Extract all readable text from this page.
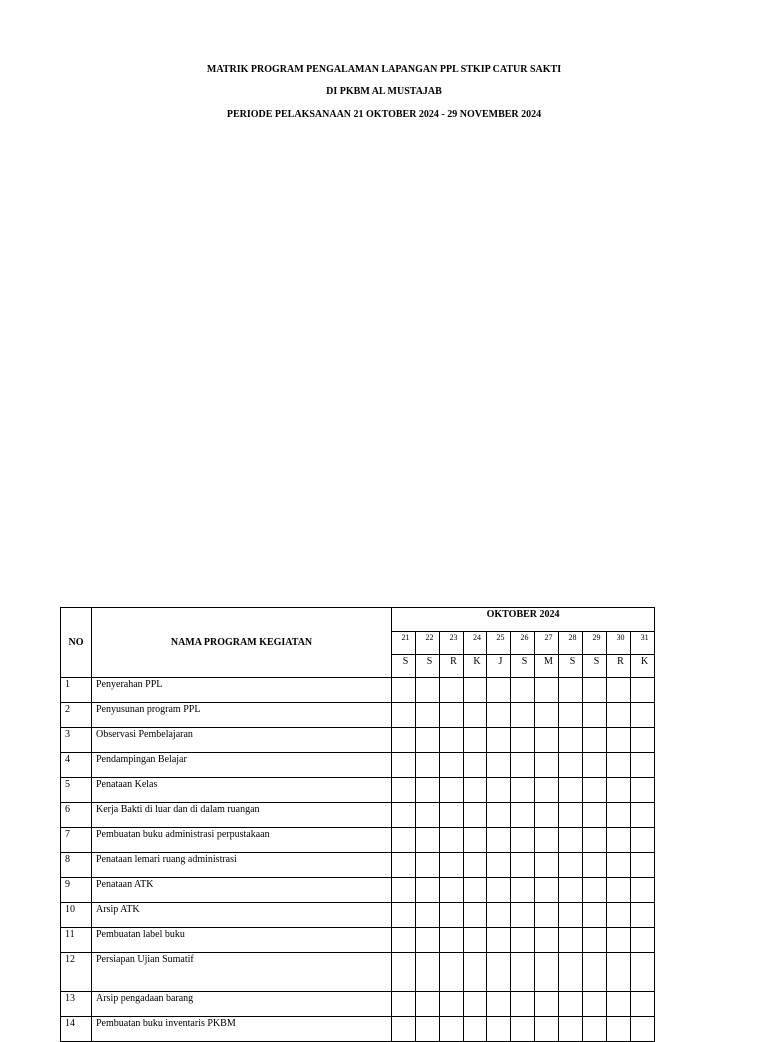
MATRIK PROGRAM PENGALAMAN LAPANGAN PPL STKIP CATUR SAKTI
DI PKBM AL MUSTAJAB
PERIODE PELAKSANAAN 21 OKTOBER 2024 - 29 NOVEMBER 2024
NO	NAMA PROGRAM KEGIATAN	OKTOBER 2024										
		21	22	23	24	25	26	27	28	29	30	31
		S	S	R	K	J	S	M	S	S	R	K
1	Penyerahan PPL											
2	Penyusunan program PPL											
3	Observasi Pembelajaran											
4	Pendampingan Belajar											
5	Penataan Kelas											
6	Kerja Bakti di luar dan di dalam ruangan											
7	Pembuatan buku administrasi perpustakaan											
8	Penataan lemari ruang administrasi											
9	Penataan ATK											
10	Arsip ATK											
11	Pembuatan label buku											
12	Persiapan Ujian Sumatif											
13	Arsip pengadaan barang											
14	Pembuatan buku inventaris PKBM											
